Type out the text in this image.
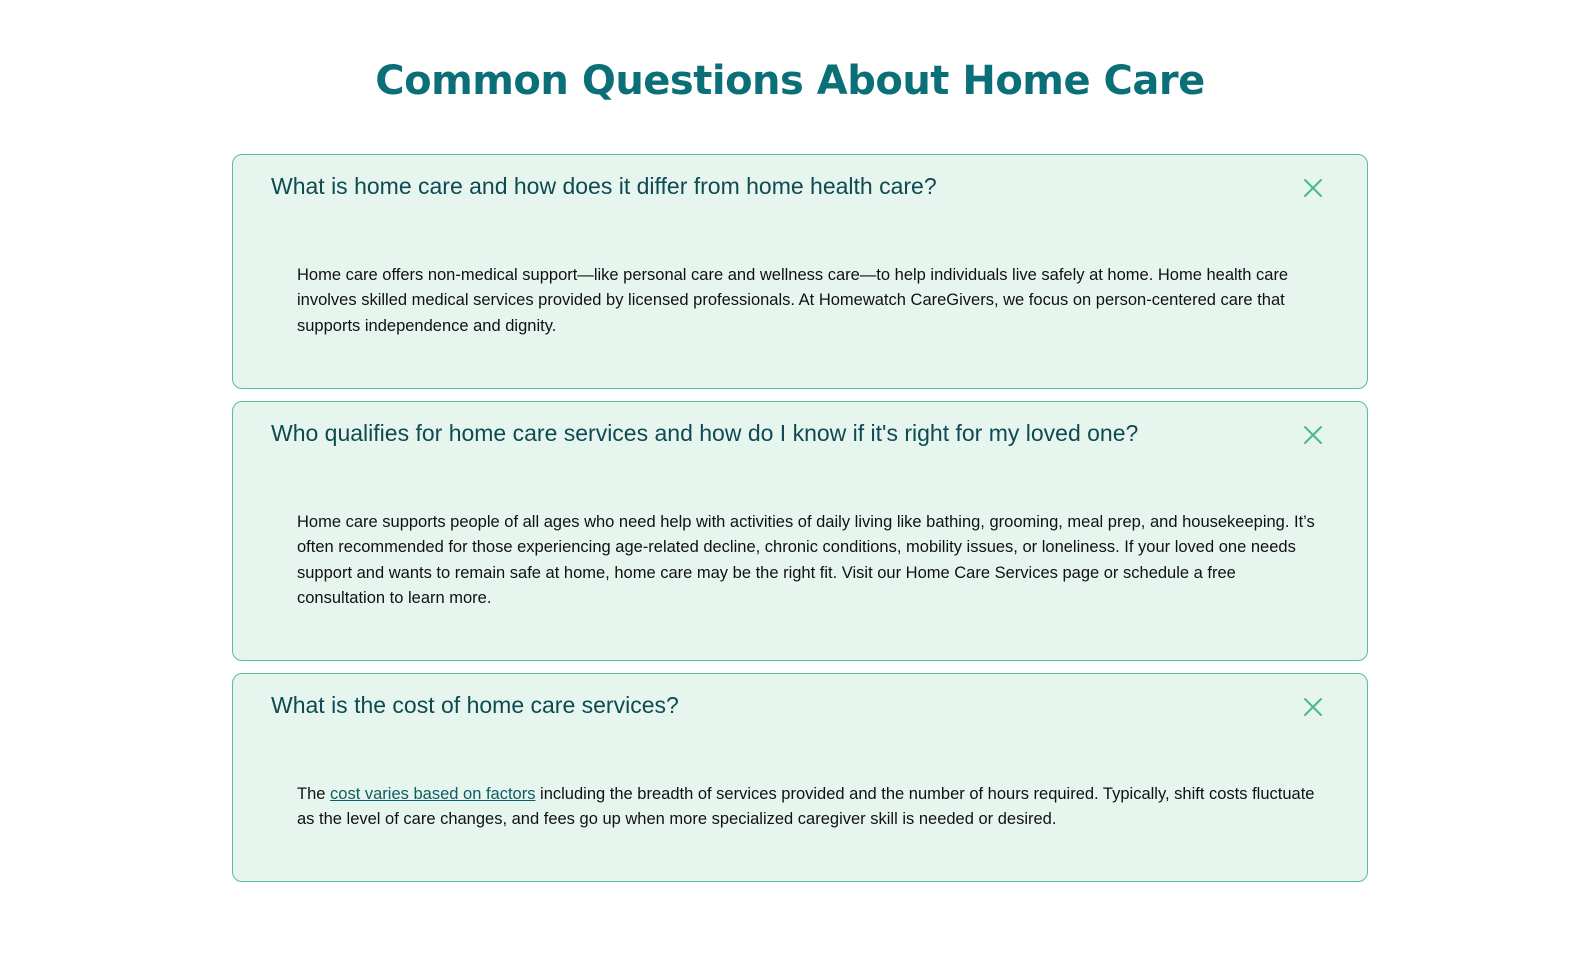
Common Questions About Home Care
What is home care and how does it differ from home health care?

Home care offers non-medical support—like personal care and wellness care—to help individuals live safely at home. Home health care involves skilled medical services provided by licensed professionals. At Homewatch CareGivers, we focus on person-centered care that supports independence and dignity.

Who qualifies for home care services and how do I know if it's right for my loved one?

Home care supports people of all ages who need help with activities of daily living like bathing, grooming, meal prep, and housekeeping. It’s often recommended for those experiencing age-related decline, chronic conditions, mobility issues, or loneliness. If your loved one needs support and wants to remain safe at home, home care may be the right fit. Visit our Home Care Services page or schedule a free consultation to learn more.

What is the cost of home care services?

The cost varies based on factors including the breadth of services provided and the number of hours required. Typically, shift costs fluctuate as the level of care changes, and fees go up when more specialized caregiver skill is needed or desired.
